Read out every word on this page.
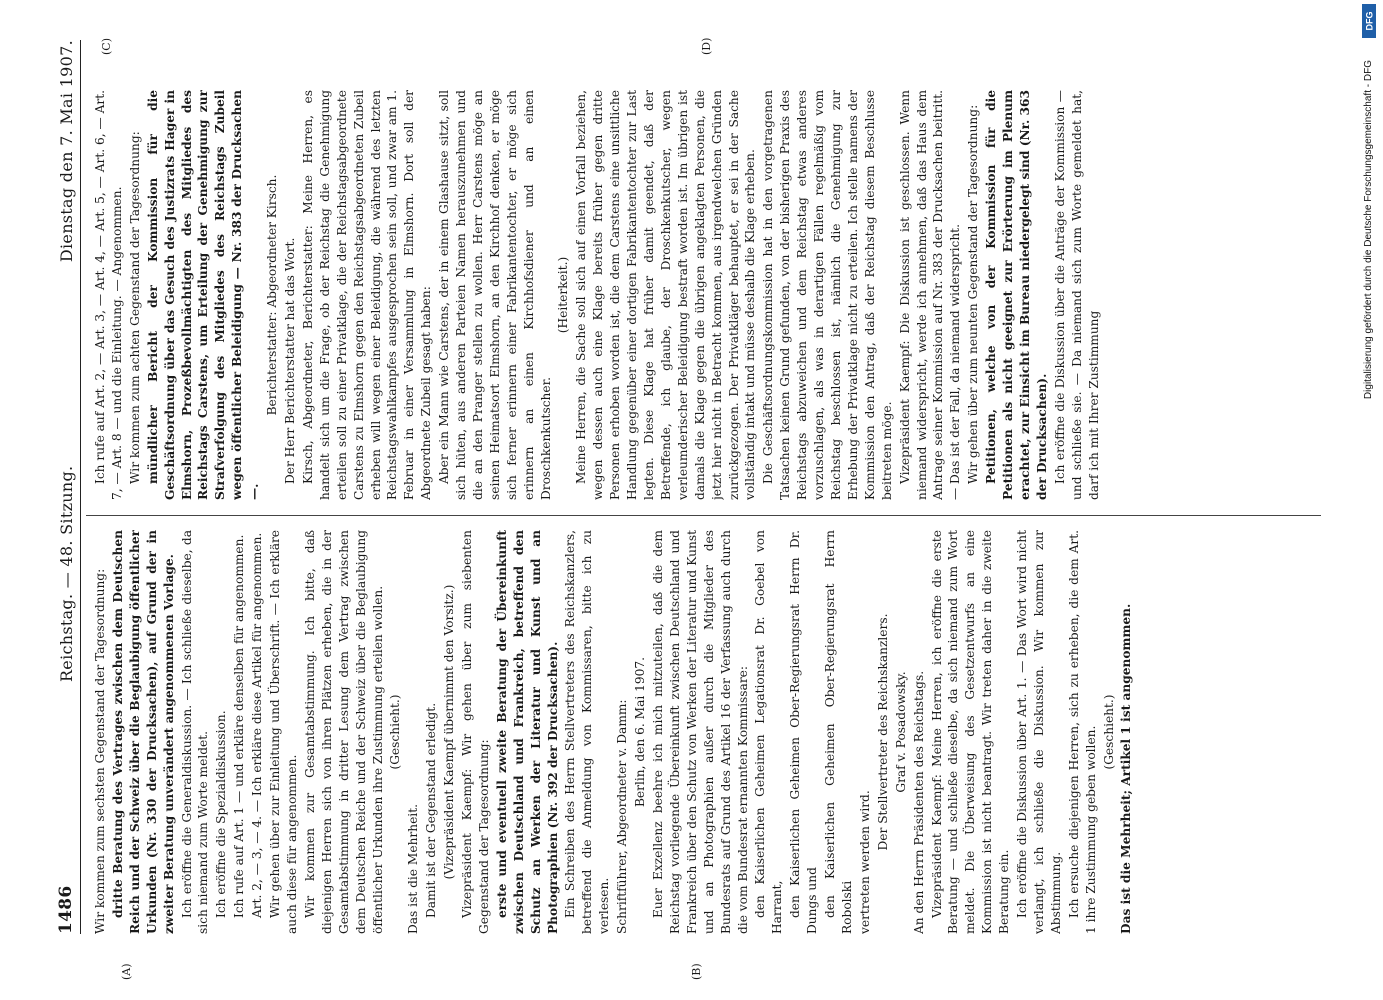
1486
Reichstag. — 48. Sitzung.
Dienstag den 7. Mai 1907.
(A)	(B)
(C)	(D)

Wir kommen zum sechsten Gegenstand der Tagesordnung: dritte Beratung des Vertrages zwischen dem Deutschen Reich und der Schweiz über die Beglaubigung öffentlicher Urkunden (Nr. 330 der Drucksachen), auf Grund der in zweiter Beratung unverändert angenommenen Vorlage. Ich eröffne die Generaldiskussion. — Ich schließe dieselbe, da sich niemand zum Worte meldet. Ich eröffne die Spezialdiskussion. Ich rufe auf Art. 1 — und erkläre denselben für angenommen. Art. 2, — 3, — 4. — Ich erkläre diese Artikel für angenommen. Wir gehen über zur Einleitung und Überschrift. — Ich erkläre auch diese für angenommen. Wir kommen zur Gesamtabstimmung. Ich bitte, daß diejenigen Herren sich von ihren Plätzen erheben, die in der Gesamtabstimmung in dritter Lesung dem Vertrag zwischen dem Deutschen Reiche und der Schweiz über die Beglaubigung öffentlicher Urkunden ihre Zustimmung erteilen wollen. (Geschieht.)

Das ist die Mehrheit. Damit ist der Gegenstand erledigt. (Vizepräsident Kaempf übernimmt den Vorsitz.) Vizepräsident Kaempf: Wir gehen über zum siebenten Gegenstand der Tagesordnung: erste und eventuell zweite Beratung der Übereinkunft zwischen Deutschland und Frankreich, betreffend den Schutz an Werken der Literatur und Kunst und an Photographien (Nr. 392 der Drucksachen). Ein Schreiben des Herrn Stellvertreters des Reichskanzlers, betreffend die Anmeldung von Kommissaren, bitte ich zu verlesen. Schriftführer, Abgeordneter v. Damm: Berlin, den 6. Mai 1907. Euer Exzellenz beehre ich mich mitzuteilen, daß die dem Reichstag vorliegende Übereinkunft zwischen Deutschland und Frankreich über den Schutz von Werken der Literatur und Kunst und an Photographien außer durch die Mitglieder des Bundesrats auf Grund des Artikel 16 der Verfassung auch durch die vom Bundesrat ernannten Kommissare: den Kaiserlichen Geheimen Legationsrat Dr. Goebel von Harrant, den Kaiserlichen Geheimen Ober-Regierungsrat Herrn Dr. Dungs und den Kaiserlichen Geheimen Ober-Regierungsrat Herrn Robolski vertreten werden wird.

Der Stellvertreter des Reichskanzlers. Graf v. Posadowsky. An den Herrn Präsidenten des Reichstags. Vizepräsident Kaempf: Meine Herren, ich eröffne die erste Beratung — und schließe dieselbe, da sich niemand zum Wort meldet. Die Überweisung des Gesetzentwurfs an eine Kommission ist nicht beantragt. Wir treten daher in die zweite Beratung ein. Ich eröffne die Diskussion über Art. 1. — Das Wort wird nicht verlangt, ich schließe die Diskussion. Wir kommen zur Abstimmung. Ich ersuche diejenigen Herren, sich zu erheben, die dem Art. 1 ihre Zustimmung geben wollen. (Geschieht.) Das ist die Mehrheit; Artikel 1 ist angenommen.

Ich rufe auf Art. 2, — Art. 3, — Art. 4, — Art. 5, — Art. 6, — Art. 7, — Art. 8 — und die Einleitung. — Angenommen. Wir kommen zum achten Gegenstand der Tagesordnung: mündlicher Bericht der Kommission für die Geschäftsordnung über das Gesuch des Justizrats Hager in Elmshorn, Prozeßbevollmächtigten des Mitgliedes des Reichstags Carstens, um Erteilung der Genehmigung zur Strafverfolgung des Mitgliedes des Reichstags Zubeil wegen öffentlicher Beleidigung — Nr. 383 der Drucksachen —.

Berichterstatter: Abgeordneter Kirsch. Der Herr Berichterstatter hat das Wort. Kirsch, Abgeordneter, Berichterstatter: Meine Herren, es handelt sich um die Frage, ob der Reichstag die Genehmigung erteilen soll zu einer Privatklage, die der Reichstagsabgeordnete Carstens zu Elmshorn gegen den Reichstagsabgeordneten Zubeil erheben will wegen einer Beleidigung, die während des letzten Reichstagswahlkampfes ausgesprochen sein soll, und zwar am 1. Februar in einer Versammlung in Elmshorn. Dort soll der Abgeordnete Zubeil gesagt haben: Aber ein Mann wie Carstens, der in einem Glashause sitzt, soll sich hüten, aus anderen Parteien Namen herauszunehmen und die an den Pranger stellen zu wollen. Herr Carstens möge an seinen Heimatsort Elmshorn, an den Kirchhof denken, er möge sich ferner erinnern einer Fabrikantentochter, er möge sich erinnern an einen Kirchhofsdiener und an einen Droschkenkutscher.

(Heiterkeit.) Meine Herren, die Sache soll sich auf einen Vorfall beziehen, wegen dessen auch eine Klage bereits früher gegen dritte Personen erhoben worden ist, die dem Carstens eine unsittliche Handlung gegenüber einer dortigen Fabrikantentochter zur Last legten. Diese Klage hat früher damit geendet, daß der Betreffende, ich glaube, der Droschkenkutscher, wegen verleumderischer Beleidigung bestraft worden ist. Im übrigen ist damals die Klage gegen die übrigen angeklagten Personen, die jetzt hier nicht in Betracht kommen, aus irgendwelchen Gründen zurückgezogen. Der Privatkläger behauptet, er sei in der Sache vollständig intakt und müsse deshalb die Klage erheben. Die Geschäftsordnungskommission hat in den vorgetragenen Tatsachen keinen Grund gefunden, von der bisherigen Praxis des Reichstags abzuweichen und dem Reichstag etwas anderes vorzuschlagen, als was in derartigen Fällen regelmäßig vom Reichstag beschlossen ist, nämlich die Genehmigung zur Erhebung der Privatklage nicht zu erteilen. Ich stelle namens der Kommission den Antrag, daß der Reichstag diesem Beschlusse beitreten möge. Vizepräsident Kaempf: Die Diskussion ist geschlossen. Wenn niemand widerspricht, werde ich annehmen, daß das Haus dem Antrage seiner Kommission auf Nr. 383 der Drucksachen beitritt. — Das ist der Fall, da niemand widerspricht. Wir gehen über zum neunten Gegenstand der Tagesordnung: Petitionen, welche von der Kommission für die Petitionen als nicht geeignet zur Erörterung im Plenum erachtet, zur Einsicht im Bureau niedergelegt sind (Nr. 363 der Drucksachen). Ich eröffne die Diskussion über die Anträge der Kommission — und schließe sie. — Da niemand sich zum Worte gemeldet hat, darf ich mit Ihrer Zustimmung

Digitalisierung gefördert durch die Deutsche Forschungsgemeinschaft - DFG
DFG
